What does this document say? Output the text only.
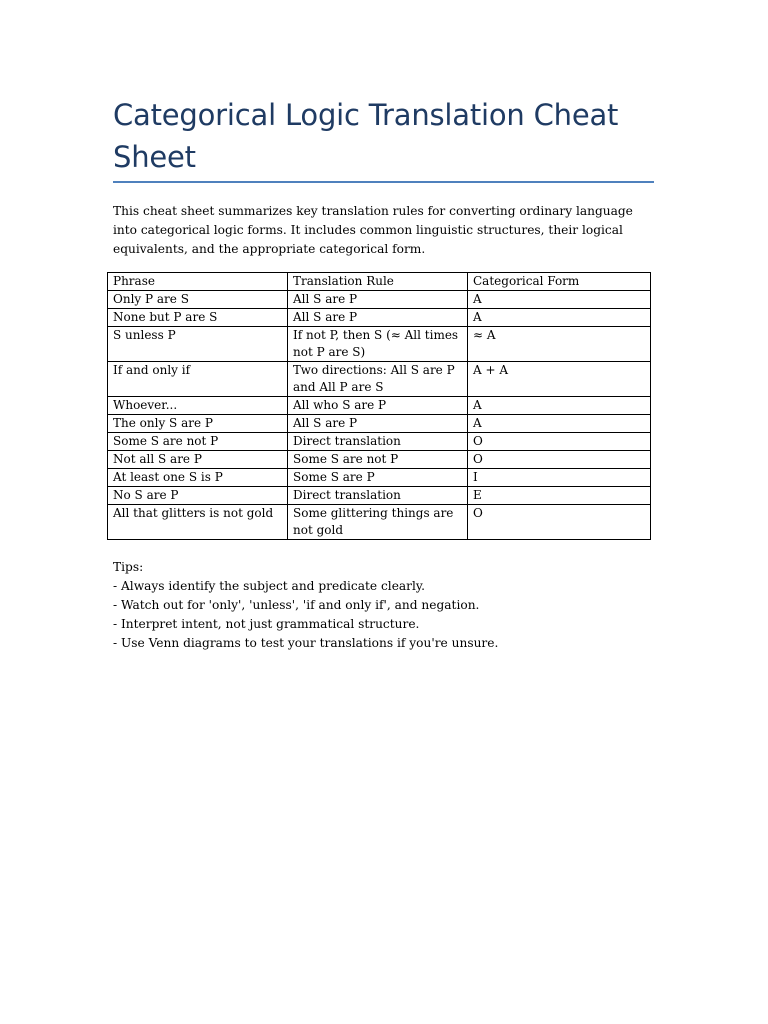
Categorical Logic Translation Cheat Sheet

This cheat sheet summarizes key translation rules for converting ordinary language into categorical logic forms. It includes common linguistic structures, their logical equivalents, and the appropriate categorical form.

Phrase	Translation Rule	Categorical Form
Only P are S	All S are P	A
None but P are S	All S are P	A
S unless P	If not P, then S (≈ All times not P are S)	≈ A
If and only if	Two directions: All S are P and All P are S	A + A
Whoever...	All who S are P	A
The only S are P	All S are P	A
Some S are not P	Direct translation	O
Not all S are P	Some S are not P	O
At least one S is P	Some S are P	I
No S are P	Direct translation	E
All that glitters is not gold	Some glittering things are not gold	O
Tips:
- Always identify the subject and predicate clearly.
- Watch out for 'only', 'unless', 'if and only if', and negation.
- Interpret intent, not just grammatical structure.
- Use Venn diagrams to test your translations if you're unsure.
